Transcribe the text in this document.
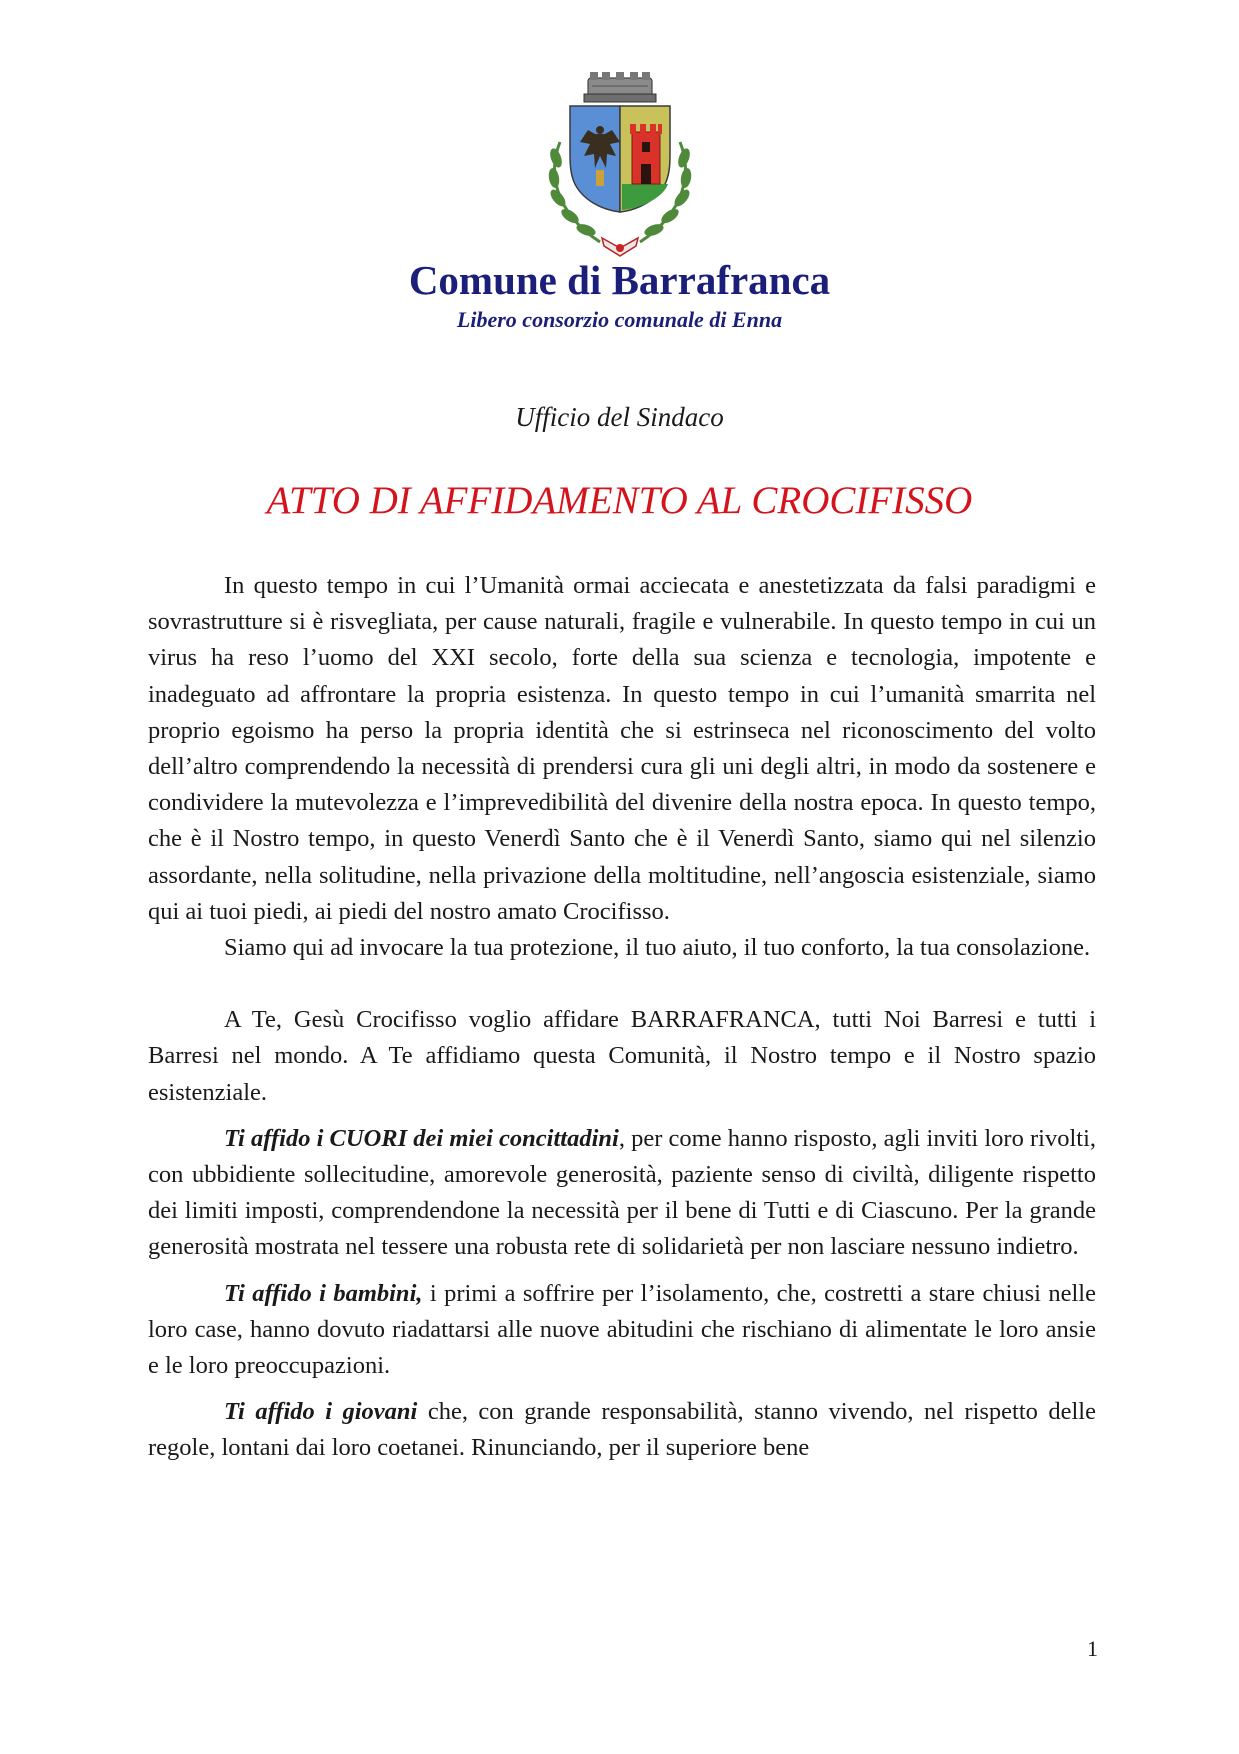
Comune di Barrafranca
Libero consorzio comunale di Enna
Ufficio del Sindaco
ATTO DI AFFIDAMENTO AL CROCIFISSO

In questo tempo in cui l’Umanità ormai acciecata e anestetizzata da falsi paradigmi e sovrastrutture si è risvegliata, per cause naturali, fragile e vulnerabile. In questo tempo in cui un virus ha reso l’uomo del XXI secolo, forte della sua scienza e tecnologia, impotente e inadeguato ad affrontare la propria esistenza. In questo tempo in cui l’umanità smarrita nel proprio egoismo ha perso la propria identità che si estrinseca nel riconoscimento del volto dell’altro comprendendo la necessità di prendersi cura gli uni degli altri, in modo da sostenere e condividere la mutevolezza e l’imprevedibilità del divenire della nostra epoca. In questo tempo, che è il Nostro tempo, in questo Venerdì Santo che è il Venerdì Santo, siamo qui nel silenzio assordante, nella solitudine, nella privazione della moltitudine, nell’angoscia esistenziale, siamo qui ai tuoi piedi, ai piedi del nostro amato Crocifisso.

Siamo qui ad invocare la tua protezione, il tuo aiuto, il tuo conforto, la tua consolazione.

A Te, Gesù Crocifisso voglio affidare BARRAFRANCA, tutti Noi Barresi e tutti i Barresi nel mondo. A Te affidiamo questa Comunità, il Nostro tempo e il Nostro spazio esistenziale.

Ti affido i CUORI dei miei concittadini, per come hanno risposto, agli inviti loro rivolti, con ubbidiente sollecitudine, amorevole generosità, paziente senso di civiltà, diligente rispetto dei limiti imposti, comprendendone la necessità per il bene di Tutti e di Ciascuno. Per la grande generosità mostrata nel tessere una robusta rete di solidarietà per non lasciare nessuno indietro.

Ti affido i bambini, i primi a soffrire per l’isolamento, che, costretti a stare chiusi nelle loro case, hanno dovuto riadattarsi alle nuove abitudini che rischiano di alimentate le loro ansie e le loro preoccupazioni.

Ti affido i giovani che, con grande responsabilità, stanno vivendo, nel rispetto delle regole, lontani dai loro coetanei. Rinunciando, per il superiore bene

1
